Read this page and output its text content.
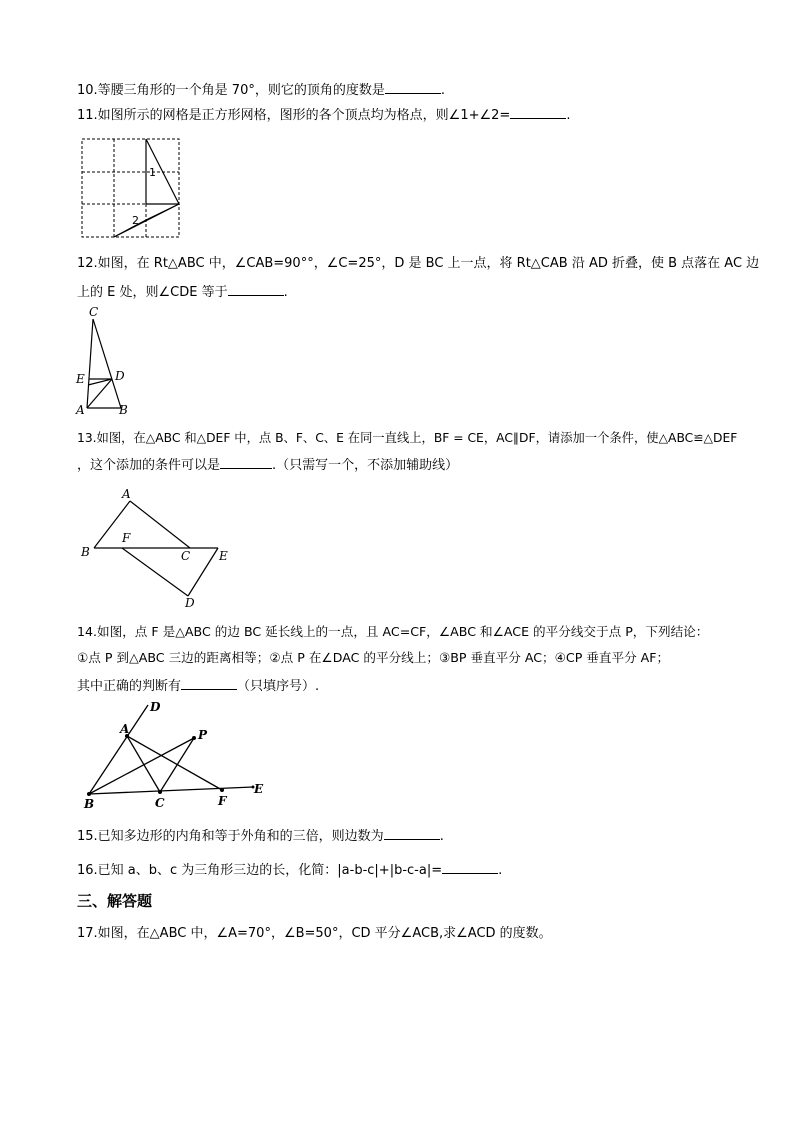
10.等腰三角形的一个角是 70°，则它的顶角的度数是	.
11.如图所示的网格是正方形网格，图形的各个顶点均为格点，则∠1+∠2=	.
1
2
12.如图，在 Rt△ABC 中，∠CAB=90°°，∠C=25°，D 是 BC 上一点，将 Rt△CAB 沿 AD 折叠，使 B 点落在 AC 边
上的 E 处，则∠CDE 等于	.
C
E	D
A	B
13.如图，在△ABC 和△DEF 中，点 B、F、C、E 在同一直线上，BF = CE，AC∥DF，请添加一个条件，使△ABC≌△DEF
，这个添加的条件可以是	.（只需写一个，不添加辅助线）
A
B
F
C E
D
14.如图，点 F 是△ABC 的边 BC 延长线上的一点，且 AC=CF，∠ABC 和∠ACE 的平分线交于点 P，下列结论：
①点 P 到△ABC 三边的距离相等；②点 P 在∠DAC 的平分线上；③BP 垂直平分 AC；④CP 垂直平分 AF；
其中正确的判断有	（只填序号）.
D
A	P
B	C	F
E
15.已知多边形的内角和等于外角和的三倍，则边数为	.
16.已知 a、b、c 为三角形三边的长，化简：|a-b-c|+|b-c-a|=	.
三、解答题
17.如图，在△ABC 中，∠A=70°，∠B=50°，CD 平分∠ACB,求∠ACD 的度数。
